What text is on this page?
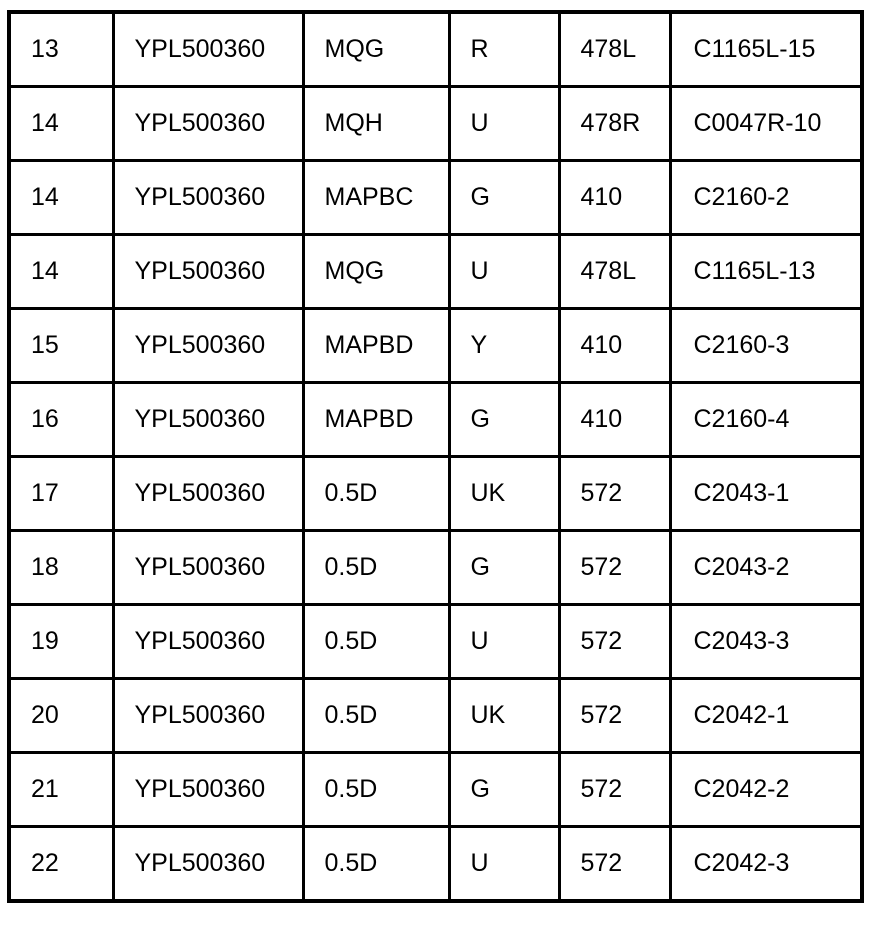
13	YPL500360	MQG	R	478L	C1165L-15
14	YPL500360	MQH	U	478R	C0047R-10
14	YPL500360	MAPBC	G	410	C2160-2
14	YPL500360	MQG	U	478L	C1165L-13
15	YPL500360	MAPBD	Y	410	C2160-3
16	YPL500360	MAPBD	G	410	C2160-4
17	YPL500360	0.5D	UK	572	C2043-1
18	YPL500360	0.5D	G	572	C2043-2
19	YPL500360	0.5D	U	572	C2043-3
20	YPL500360	0.5D	UK	572	C2042-1
21	YPL500360	0.5D	G	572	C2042-2
22	YPL500360	0.5D	U	572	C2042-3
